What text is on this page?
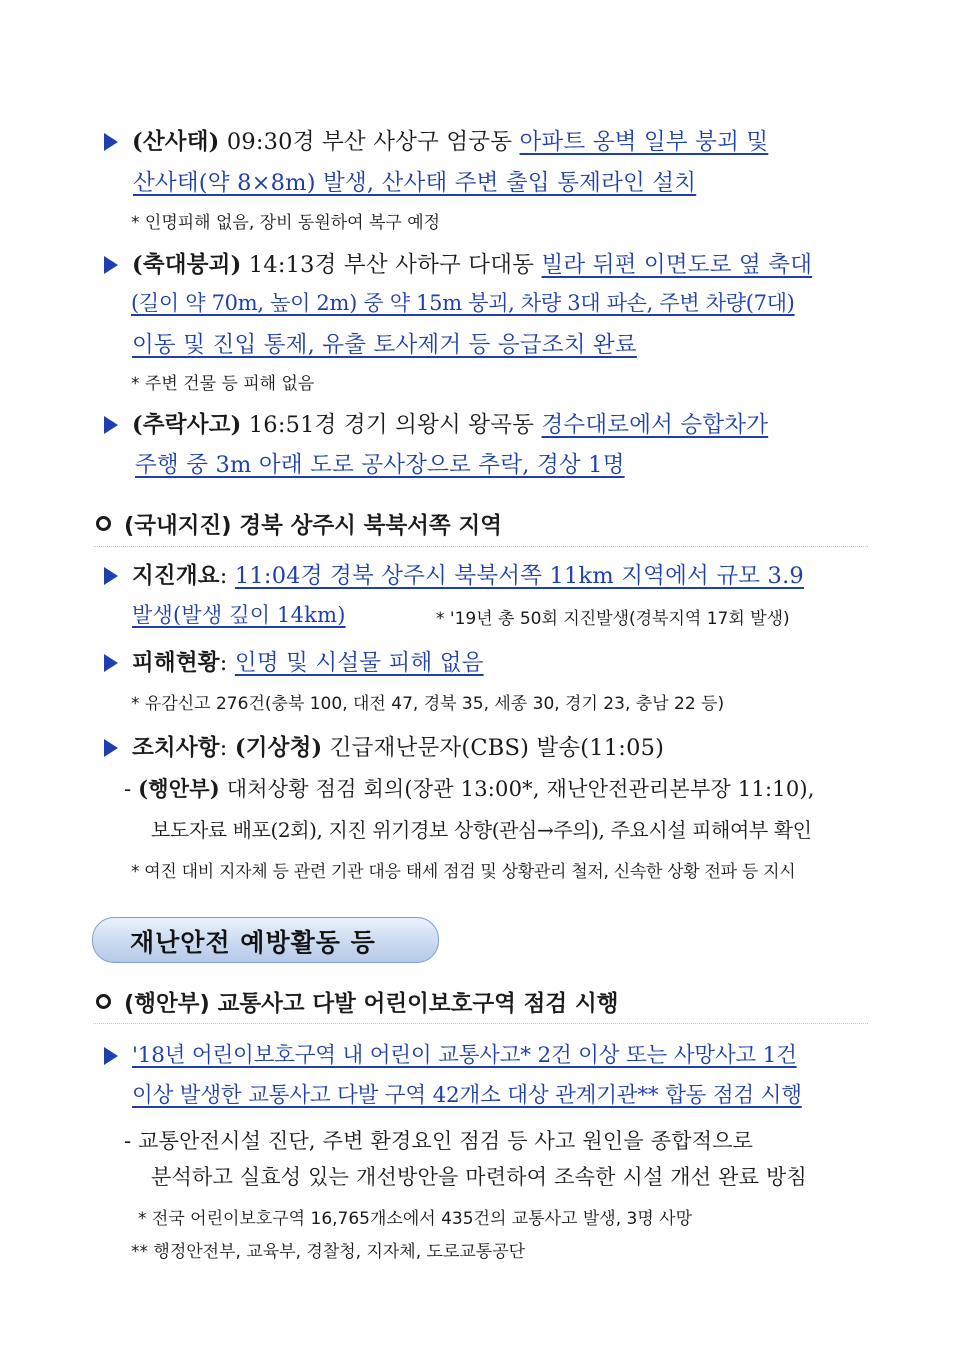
(산사태) 09:30경 부산 사상구 엄궁동 아파트 옹벽 일부 붕괴 및
산사태(약 8×8m) 발생, 산사태 주변 출입 통제라인 설치
* 인명피해 없음, 장비 동원하여 복구 예정
(축대붕괴) 14:13경 부산 사하구 다대동 빌라 뒤편 이면도로 옆 축대
(길이 약 70m, 높이 2m) 중 약 15m 붕괴, 차량 3대 파손, 주변 차량(7대)
이동 및 진입 통제, 유출 토사제거 등 응급조치 완료
* 주변 건물 등 피해 없음
(추락사고) 16:51경 경기 의왕시 왕곡동 경수대로에서 승합차가
주행 중 3m 아래 도로 공사장으로 추락, 경상 1명
(국내지진) 경북 상주시 북북서쪽 지역
지진개요: 11:04경 경북 상주시 북북서쪽 11km 지역에서 규모 3.9
발생(발생 깊이 14km)	* '19년 총 50회 지진발생(경북지역 17회 발생)
피해현황: 인명 및 시설물 피해 없음
* 유감신고 276건(충북 100, 대전 47, 경북 35, 세종 30, 경기 23, 충남 22 등)
조치사항: (기상청) 긴급재난문자(CBS) 발송(11:05)
- (행안부) 대처상황 점검 회의(장관 13:00*, 재난안전관리본부장 11:10),
보도자료 배포(2회), 지진 위기경보 상향(관심→주의), 주요시설 피해여부 확인
* 여진 대비 지자체 등 관련 기관 대응 태세 점검 및 상황관리 철저, 신속한 상황 전파 등 지시
재난안전 예방활동 등
(행안부) 교통사고 다발 어린이보호구역 점검 시행
'18년 어린이보호구역 내 어린이 교통사고* 2건 이상 또는 사망사고 1건
이상 발생한 교통사고 다발 구역 42개소 대상 관계기관** 합동 점검 시행
- 교통안전시설 진단, 주변 환경요인 점검 등 사고 원인을 종합적으로
분석하고 실효성 있는 개선방안을 마련하여 조속한 시설 개선 완료 방침
* 전국 어린이보호구역 16,765개소에서 435건의 교통사고 발생, 3명 사망
** 행정안전부, 교육부, 경찰청, 지자체, 도로교통공단
